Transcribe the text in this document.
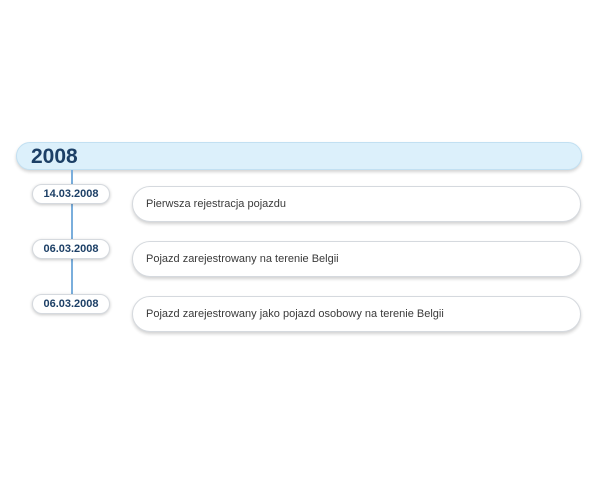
2008
14.03.2008
Pierwsza rejestracja pojazdu
06.03.2008
Pojazd zarejestrowany na terenie Belgii
06.03.2008
Pojazd zarejestrowany jako pojazd osobowy na terenie Belgii
